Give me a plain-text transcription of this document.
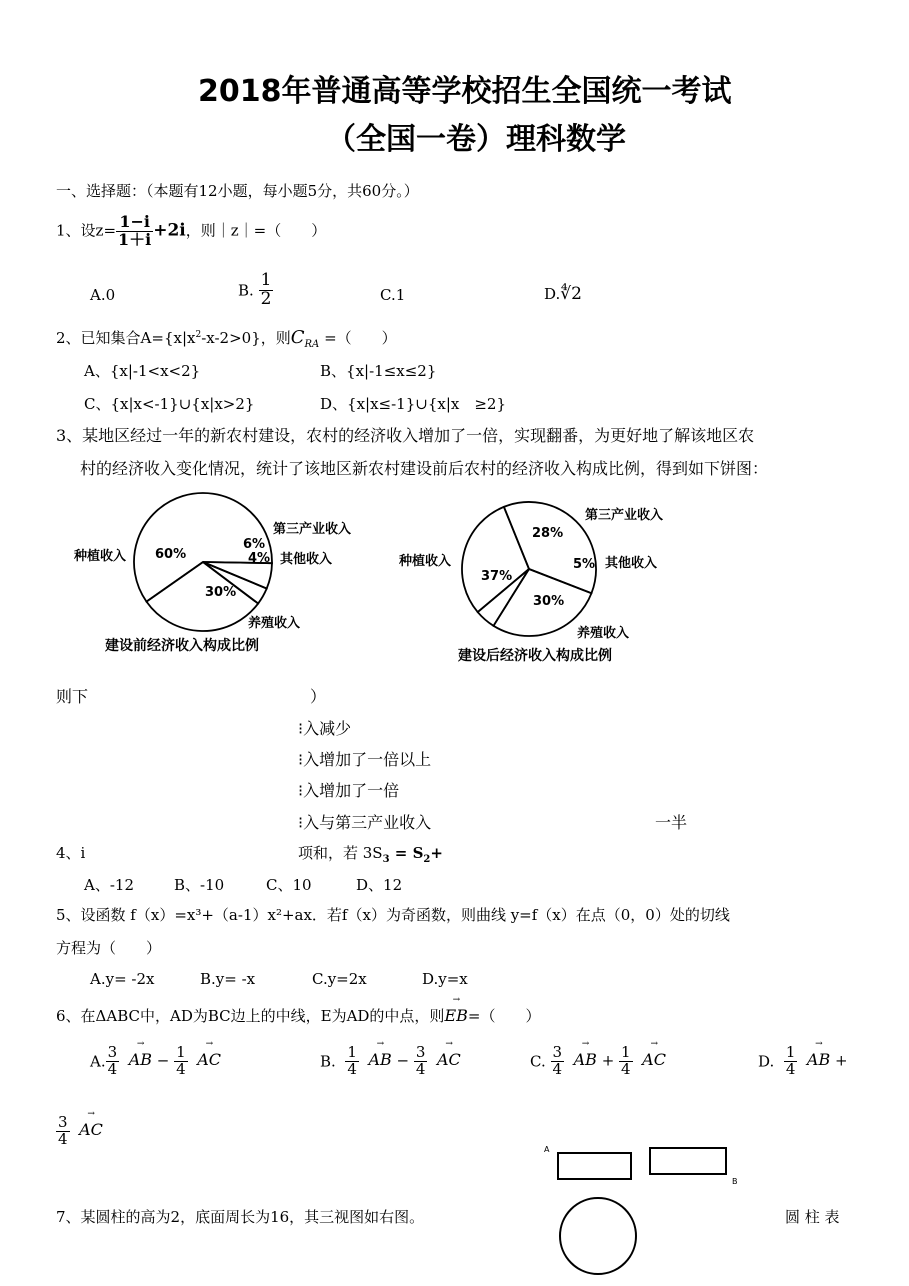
2018年普通高等学校招生全国统一考试
（全国一卷）理科数学
一、选择题：（本题有12小题，每小题5分，共60分。）
1、设$z= \frac{1-i}{1+i} +2i$，则｜z｜=（　　）
A.0	B. $\frac{1}{2}$	C.1	D.∜2
2、已知集合$A=\{x|x^2-x-2>0\}$，则$C_{RA}$ =（　　）
A、{x|-1<x<2}	B、{x|-1≤x≤2}
C、{x|x<-1}∪{x|x>2}	D、{x|x≤-1}∪{x|x　≥2}
3、某地区经过一年的新农村建设，农村的经济收入增加了一倍，实现翻番，为更好地了解该地区农
村的经济收入变化情况，统计了该地区新农村建设前后农村的经济收入构成比例，得到如下饼图：
种植收入
第三产业收入
其他收入
养殖收入
60%
6%
4%
30%
建设前经济收入构成比例
种植收入
第三产业收入
其他收入
养殖收入
37%
28%
5%
30%
建设后经济收入构成比例
则下	）
⁝入减少
⁝入增加了一倍以上
⁝入增加了一倍
⁝入与第三产业收入	一半
4、i	项和，若 $3S_3 = S_2+$
A、-12	B、-10	C、10	D、12
5、设函数 f（x）=x³+（a-1）x²+ax．若f（x）为奇函数，则曲线 y=f（x）在点（0，0）处的切线
方程为（　　）
A.y= -2x	B.y= -x	C.y=2x	D.y=x
6、在ΔABC中，AD为BC边上的中线，E为AD的中点，则→ EB=（　　）
A. $\frac{3}{4}$ → AB − $\frac{1}{4}$ → AC	B. $\frac{1}{4}$ → AB − $\frac{3}{4}$ → AC	C. $\frac{3}{4}$ → AB + $\frac{1}{4}$ → AC	D. $\frac{1}{4}$ → AB +
$\frac{3}{4}$ → AC
A
B
7、某圆柱的高为2，底面周长为16，其三视图如右图。	圆 柱 表
